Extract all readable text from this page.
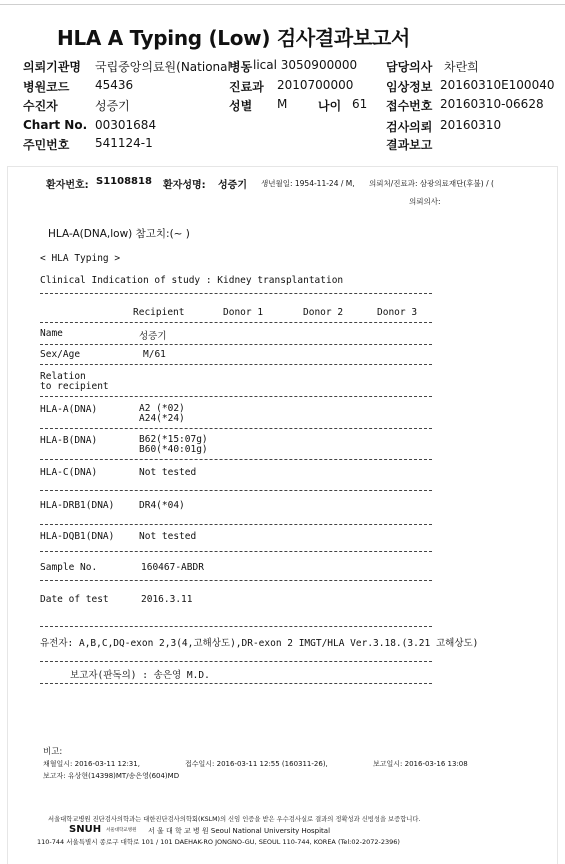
HLA A Typing (Low) 검사결과보고서
의뢰기관명 국립중앙의료원(National
병원코드 45436
수진자	성증기
Chart No. 00301684
주민번호 541124-1
병동 lical 3050900000
진료과 2010700000
성별 M	나이 61
담당의사 차란희
임상정보 20160310E100040
접수번호 20160310-06628
검사의뢰 20160310
결과보고
환자번호: S1108818 환자성명: 성증기 생년월일: 1954-11-24 / M, 의뢰처/진료과: 삼광의료재단(후불) / (
의뢰의사:
HLA-A(DNA,low) 참고치:(~ )
< HLA Typing >
Clinical Indication of study : Kidney transplantation
Recipient	Donor 1	Donor 2	Donor 3
Name	성증기
Sex/Age	M/61
Relation
to recipient
HLA-A(DNA)	A2 (*02)
A24(*24)
HLA-B(DNA)	B62(*15:07g)
B60(*40:01g)
HLA-C(DNA)	Not tested
HLA-DRB1(DNA)	DR4(*04)
HLA-DQB1(DNA)	Not tested
Sample No.	160467-ABDR
Date of test	2016.3.11
유전자: A,B,C,DQ-exon 2,3(4,고해상도),DR-exon 2 IMGT/HLA Ver.3.18.(3.21 고해상도)
보고자(판독의) : 송은영 M.D.
비고:
채혈일시: 2016-03-11 12:31,	접수일시: 2016-03-11 12:55 (160311-26),	보고일시: 2016-03-16 13:08
보고자: 유상현(14398)MT/송은영(604)MD
서울대학교병원 진단검사의학과는 대한진단검사의학회(KSLM)의 신임 인증을 받은 우수검사실로 결과의 정확성과 신빙성을 보증합니다.
SNUH 서울대학교병원 서 울 대 학 교 병 원 Seoul National University Hospital
110-744 서울특별시 종로구 대학로 101 / 101 DAEHAK-RO JONGNO-GU, SEOUL 110-744, KOREA (Tel:02-2072-2396)
